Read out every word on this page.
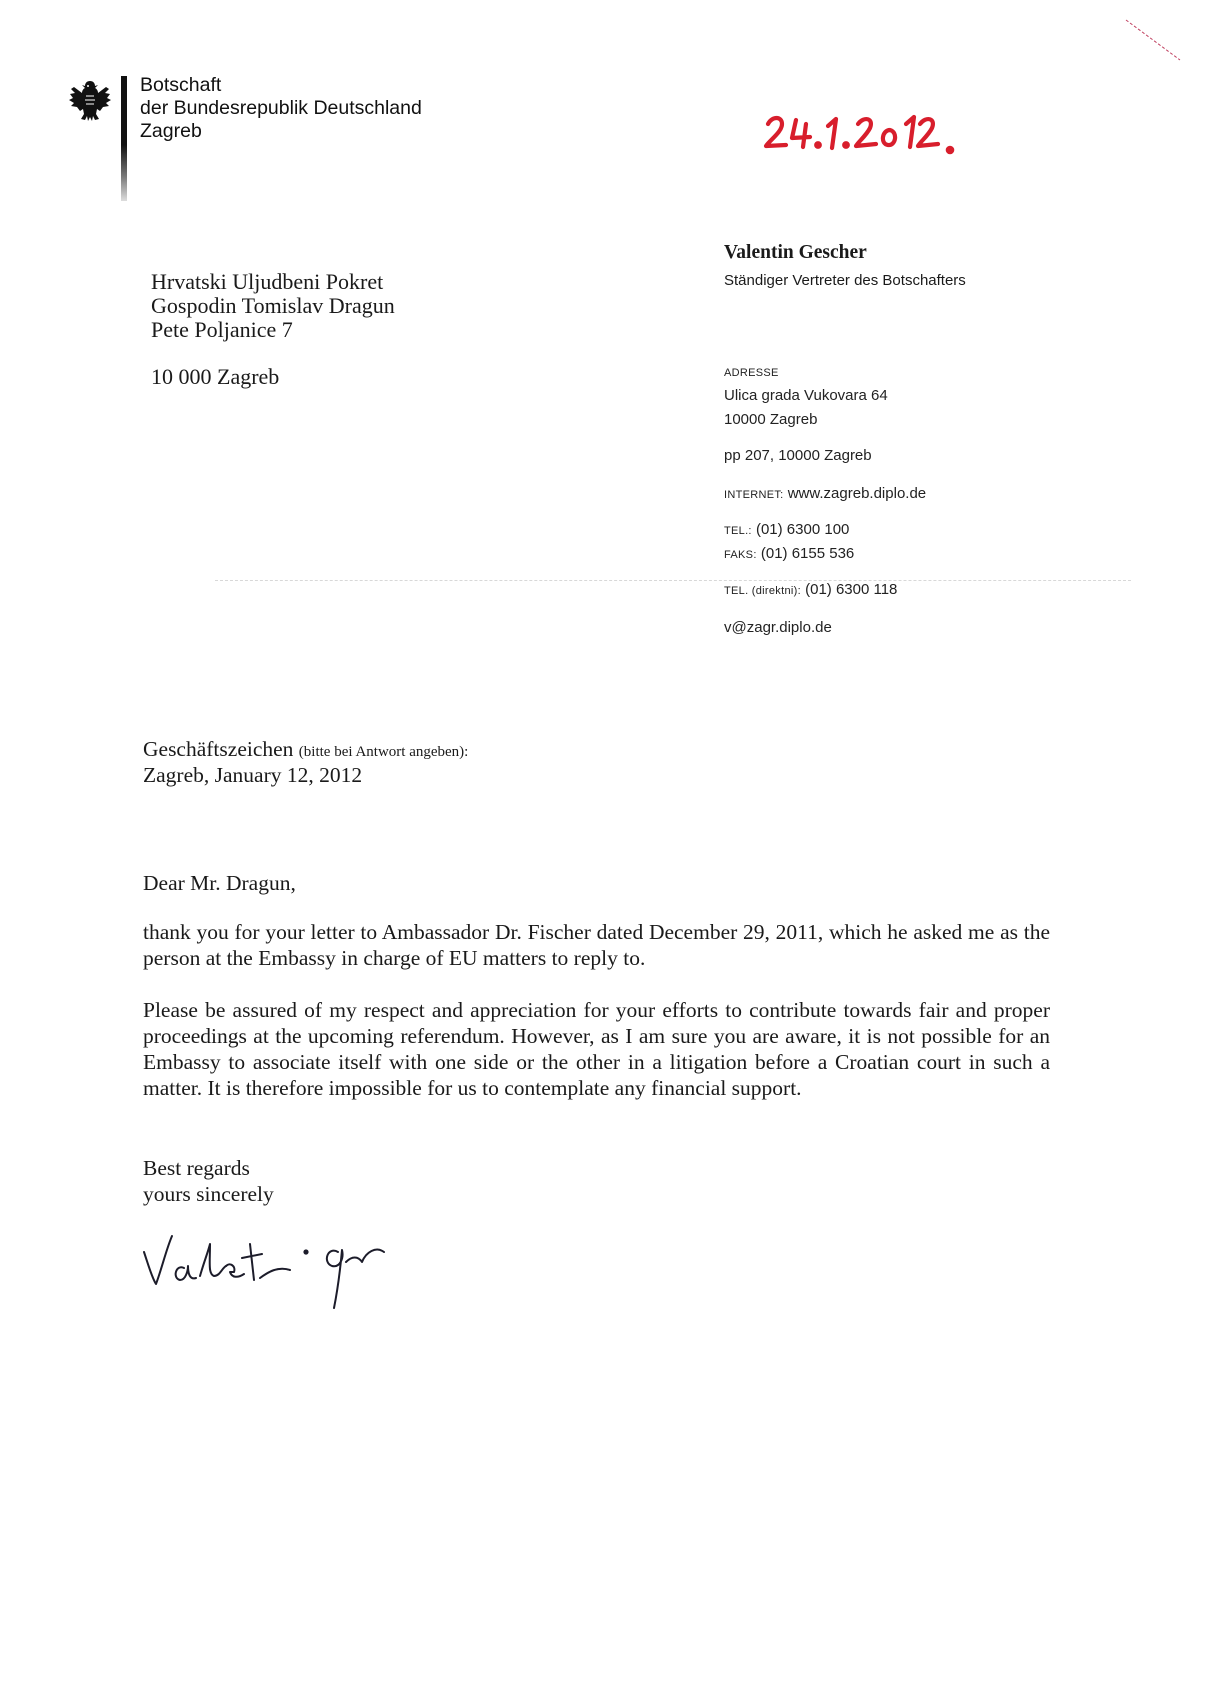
Botschaft
der Bundesrepublik Deutschland
Zagreb
Valentin Gescher
Ständiger Vertreter des Botschafters
ADRESSE
Ulica grada Vukovara 64
10000 Zagreb
pp 207, 10000 Zagreb
INTERNET: www.zagreb.diplo.de
TEL.: (01) 6300 100
FAKS: (01) 6155 536
TEL. (direktni): (01) 6300 118
v@zagr.diplo.de
Hrvatski Uljudbeni Pokret
Gospodin Tomislav Dragun
Pete Poljanice 7
10 000 Zagreb
Geschäftszeichen (bitte bei Antwort angeben):
Zagreb, January 12, 2012
Dear Mr. Dragun,
thank you for your letter to Ambassador Dr. Fischer dated December 29, 2011, which he asked me as the person at the Embassy in charge of EU matters to reply to.
Please be assured of my respect and appreciation for your efforts to contribute towards fair and proper proceedings at the upcoming referendum. However, as I am sure you are aware, it is not possible for an Embassy to associate itself with one side or the other in a litigation before a Croatian court in such a matter. It is therefore impossible for us to contemplate any financial support.
Best regards
yours sincerely
